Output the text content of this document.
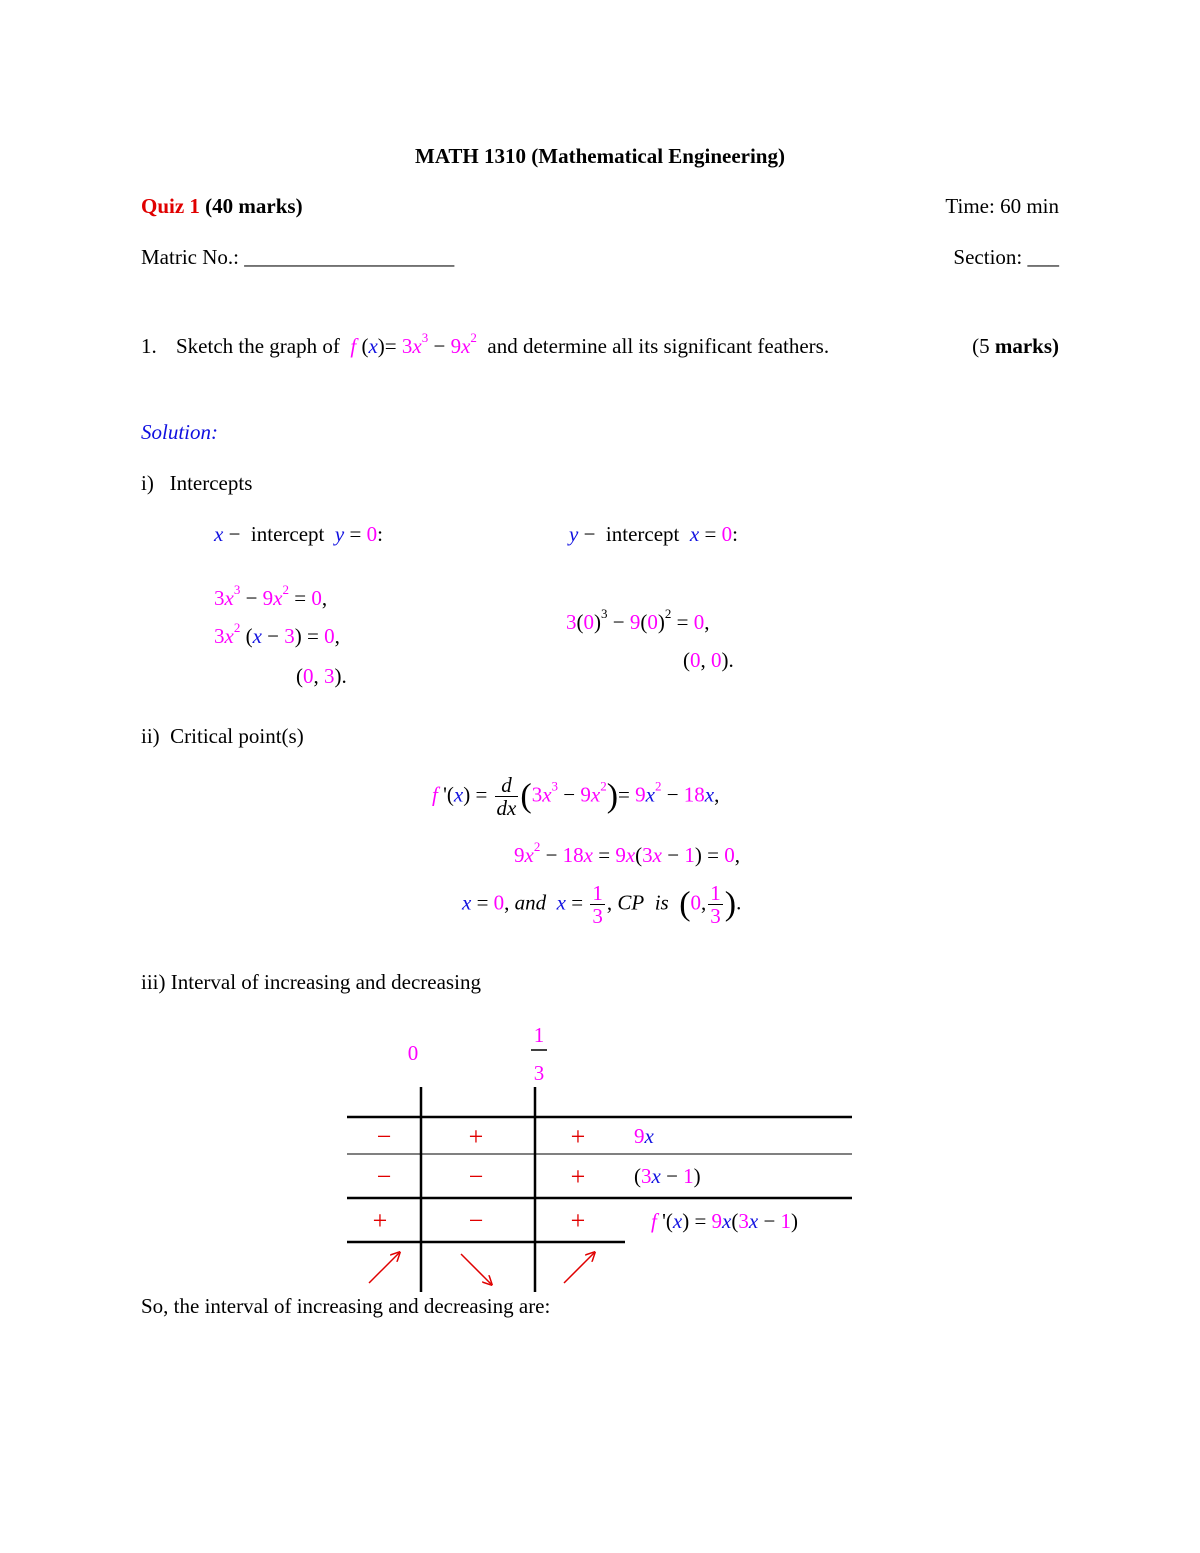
MATH 1310 (Mathematical Engineering)
Quiz 1 (40 marks)	Time: 60 min
Matric No.: ____________________	Section: ___
1. Sketch the graph of f $(x)= 3x^3 - 9x^2$ and determine all its significant feathers.	(5 marks)
Solution:
i)   Intercepts
x −  intercept y = 0:
$3x^3 - 9x^2 = 0$,
$3x^2$ (x − 3) = 0,
(0, 3).
y −  intercept x = 0:
$3(0)^3 - 9(0)^2 = 0$,
(0, 0).
ii)  Critical point(s)
f '$(x) = \frac{d}{dx} (3x^3 - 9x^2)= 9x^2 - 18x$,
$9x^2 - 18x = 9x(3x - 1) = 0$,
x = 0, and $x = \frac{1}{3}$ , CP is (0, $\frac{1}{3}$ ).
iii) Interval of increasing and decreasing
0
1
3
−	+	+ 9x
−	−	+ (3x − 1)
+	−	+	f '(x) = 9x(3x − 1)
So, the interval of increasing and decreasing are:
